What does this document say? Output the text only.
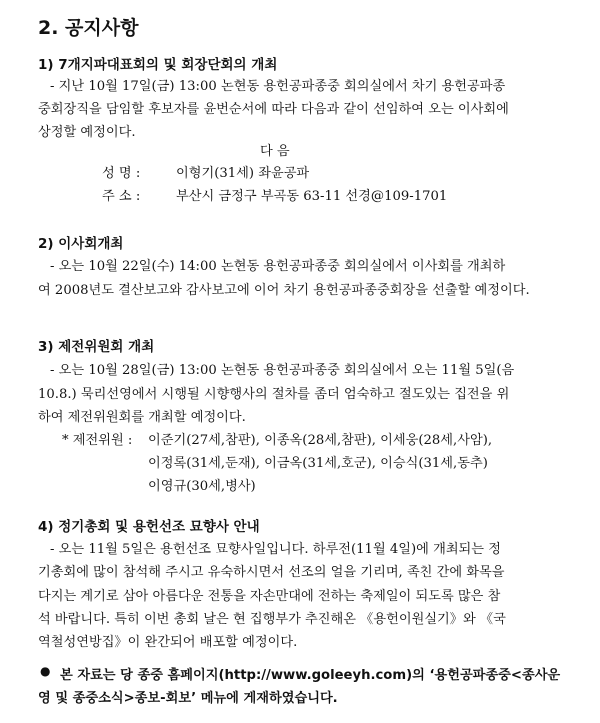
2. 공지사항
1) 7개지파대표회의 및 회장단회의 개최
- 지난 10월 17일(금) 13:00 논현동 용헌공파종중 회의실에서 차기 용헌공파종
중회장직을 담임할 후보자를 윤번순서에 따라 다음과 같이 선임하여 오는 이사회에
상정할 예정이다.
다 음
성 명 :	이형기(31세) 좌윤공파
주 소 :	부산시 금정구 부곡동 63-11 선경@109-1701
2) 이사회개최
- 오는 10월 22일(수) 14:00 논현동 용헌공파종중 회의실에서 이사회를 개최하
여 2008년도 결산보고와 감사보고에 이어 차기 용헌공파종중회장을 선출할 예정이다.
3) 제전위원회 개최
- 오는 10월 28일(금) 13:00 논현동 용헌공파종중 회의실에서 오는 11월 5일(음
10.8.) 묵리선영에서 시행될 시향행사의 절차를 좀더 엄숙하고 절도있는 집전을 위
하여 제전위원회를 개최할 예정이다.
* 제전위원 : 이준기(27세,참판), 이종옥(28세,참판), 이세웅(28세,사암),
이정록(31세,둔재), 이금옥(31세,호군), 이승식(31세,동추)
이영규(30세,병사)
4) 정기총회 및 용헌선조 묘향사 안내
- 오는 11월 5일은 용헌선조 묘향사일입니다. 하루전(11월 4일)에 개최되는 정
기총회에 많이 참석해 주시고 유숙하시면서 선조의 얼을 기리며, 족친 간에 화목을
다지는 계기로 삼아 아름다운 전통을 자손만대에 전하는 축제일이 되도록 많은 참
석 바랍니다. 특히 이번 총회 날은 현 집행부가 추진해온 《용헌이원실기》와 《국
역철성연방집》이 완간되어 배포할 예정이다.
● 본 자료는 당 종중 홈페이지(http://www.goleeyh.com)의 ‘용헌공파종중<종사운
영 및 종중소식>종보-회보’ 메뉴에 게재하였습니다.
